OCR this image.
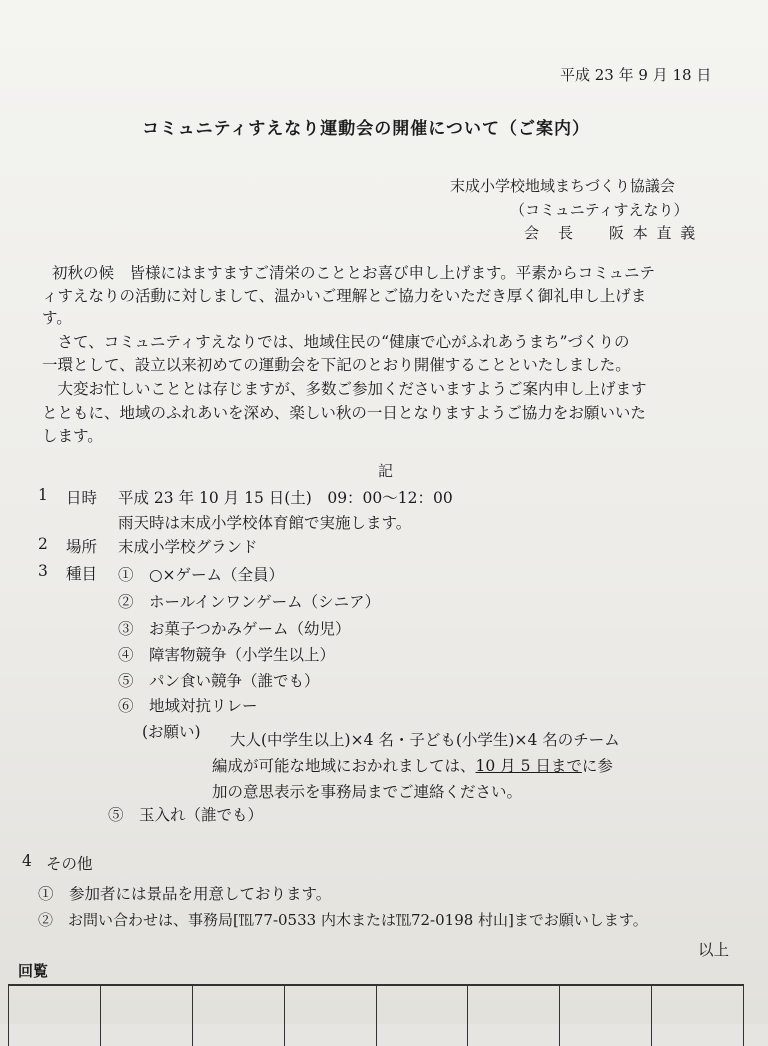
平成 23 年 9 月 18 日
コミュニティすえなり運動会の開催について（ご案内）
末成小学校地域まちづくり協議会
（コミュニティすえなり）
会　長　　阪 本 直 義
初秋の候　皆様にはますますご清栄のこととお喜び申し上げます。平素からコミュニテ
ィすえなりの活動に対しまして、温かいご理解とご協力をいただき厚く御礼申し上げま
す。
　さて、コミュニティすえなりでは、地域住民の“健康で心がふれあうまち”づくりの
一環として、設立以来初めての運動会を下記のとおり開催することといたしました。
　大変お忙しいこととは存じますが、多数ご参加くださいますようご案内申し上げます
とともに、地域のふれあいを深め、楽しい秋の一日となりますようご協力をお願いいた
します。
記
1 日時 平成 23 年 10 月 15 日(土)　09：00～12：00
雨天時は末成小学校体育館で実施します。
2 場所 末成小学校グランド
3 種目 ①　○×ゲーム（全員）
②　ホールインワンゲーム（シニア）
③　お菓子つかみゲーム（幼児）
④　障害物競争（小学生以上）
⑤　パン食い競争（誰でも）
⑥　地域対抗リレー
(お願い) 大人(中学生以上)×4 名・子ども(小学生)×4 名のチーム
編成が可能な地域におかれましては、10 月 5 日までに参
加の意思表示を事務局までご連絡ください。
⑤　玉入れ（誰でも）
4 その他
①　参加者には景品を用意しております。
②　お問い合わせは、事務局[℡77-0533 内木または℡72-0198 村山]までお願いします。
以上
回覧
